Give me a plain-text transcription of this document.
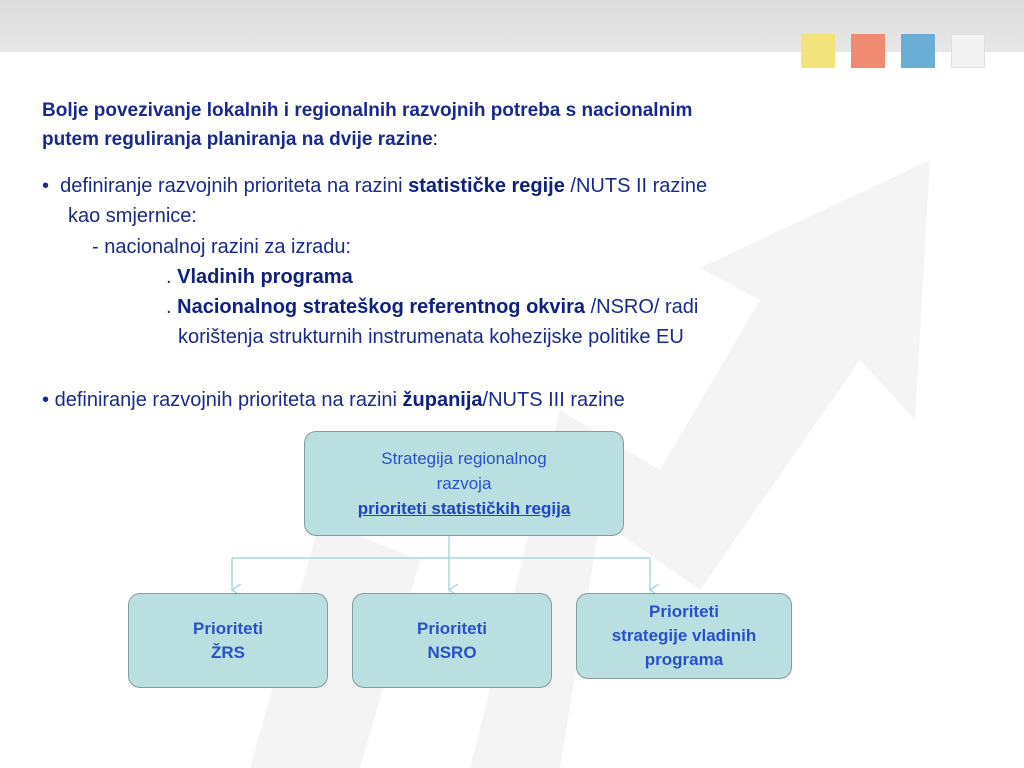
Bolje povezivanje lokalnih i regionalnih razvojnih potreba s nacionalnim
putem reguliranja planiranja na dvije razine:

• definiranje razvojnih prioriteta na razini statističke regije /NUTS II razine
kao smjernice:
- nacionalnoj razini za izradu:
. Vladinih programa
. Nacionalnog strateškog referentnog okvira /NSRO/ radi
korištenja strukturnih instrumenata kohezijske politike EU
• definiranje razvojnih prioriteta na razini županija/NUTS III razine
Strategija regionalnog
razvoja
prioriteti statističkih regija
Prioriteti
ŽRS
Prioriteti
NSRO
Prioriteti
strategije vladinih
programa
